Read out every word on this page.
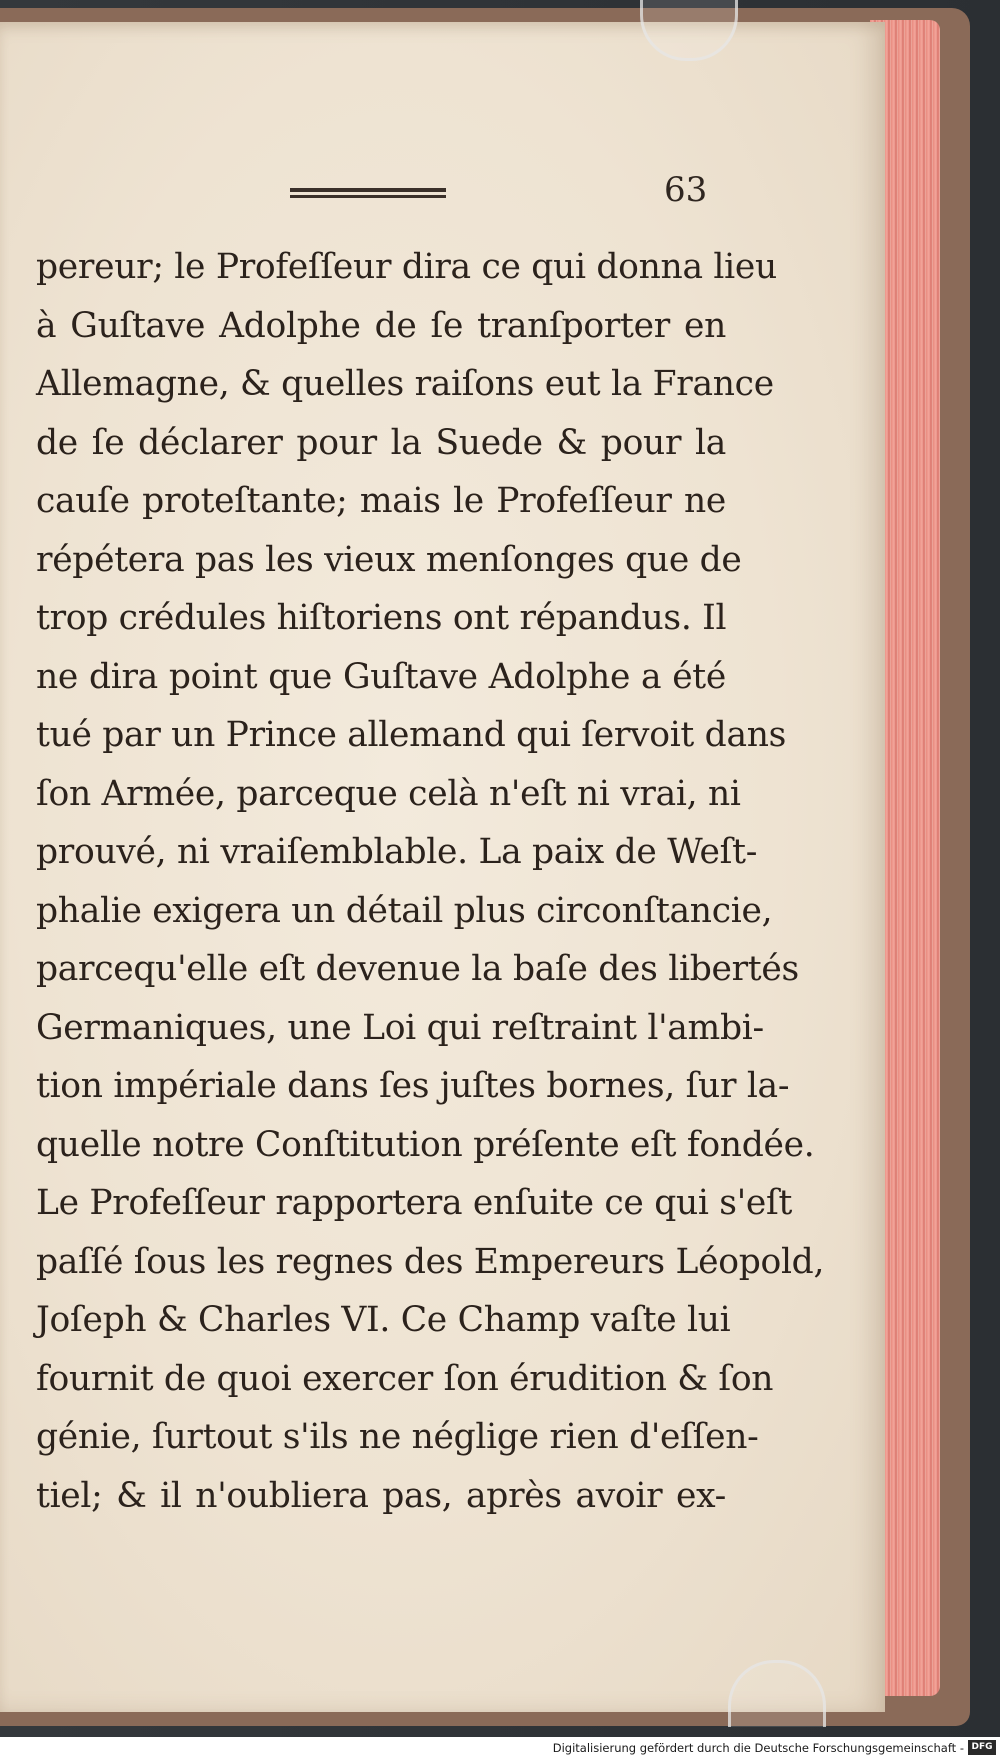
63
pereur; le Profeſſeur dira ce qui donna lieu
à Guſtave Adolphe de ſe tranſporter en
Allemagne, & quelles raiſons eut la France
de ſe déclarer pour la Suede & pour la
cauſe proteſtante; mais le Profeſſeur ne
répétera pas les vieux menſonges que de
trop crédules hiſtoriens ont répandus. Il
ne dira point que Guſtave Adolphe a été
tué par un Prince allemand qui ſervoit dans
ſon Armée, parceque celà n'eſt ni vrai, ni
prouvé, ni vraiſemblable. La paix de Weſt-
phalie exigera un détail plus circonſtancie,
parcequ'elle eſt devenue la baſe des libertés
Germaniques, une Loi qui reſtraint l'ambi-
tion impériale dans ſes juſtes bornes, ſur la-
quelle notre Conſtitution préſente eſt fondée.
Le Profeſſeur rapportera enſuite ce qui s'eſt
paſſé ſous les regnes des Empereurs Léopold,
Joſeph & Charles VI. Ce Champ vaſte lui
fournit de quoi exercer ſon érudition & ſon
génie, ſurtout s'ils ne néglige rien d'eſſen-
tiel; & il n'oubliera pas, après avoir ex-
Digitalisierung gefördert durch die Deutsche Forschungsgemeinschaft - DFG
